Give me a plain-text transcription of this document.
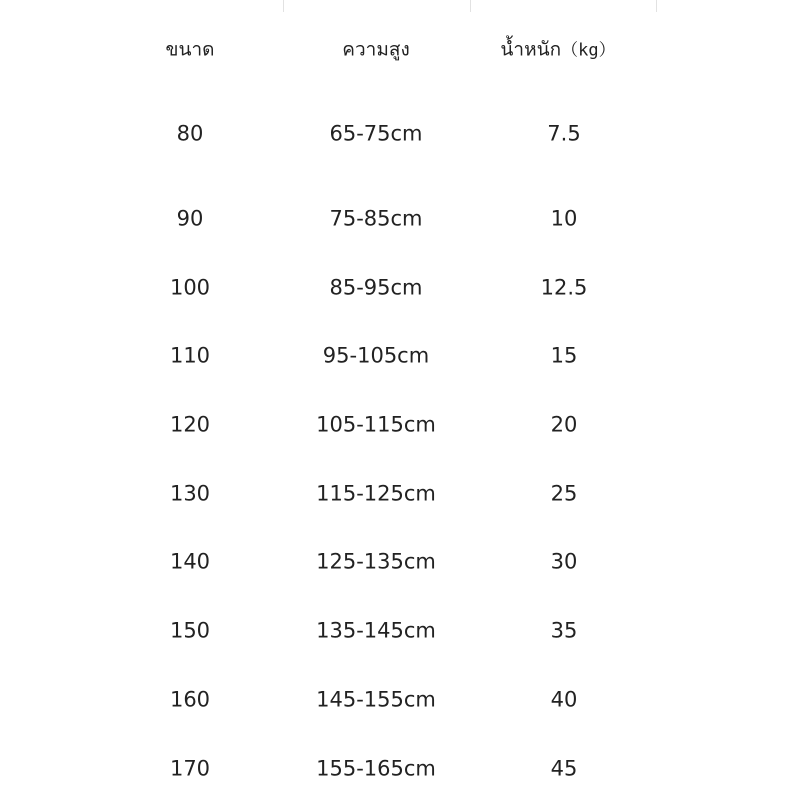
ขนาด	ความสูง	น้ำหนัก（kg）
80	65-75cm	7.5
90	75-85cm	10
100	85-95cm	12.5
110	95-105cm	15
120	105-115cm	20
130	115-125cm	25
140	125-135cm	30
150	135-145cm	35
160	145-155cm	40
170	155-165cm	45
